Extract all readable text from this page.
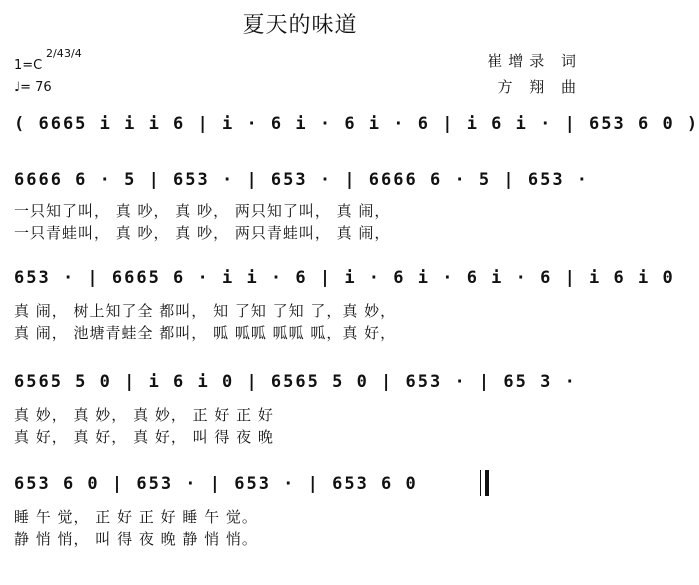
夏天的味道
1=C
2/4 3/4
♩= 76
崔增录 词
方 翔 曲
( 6665 i i i 6 | i · 6 i · 6 i · 6 | i 6 i · | 653 6 0 )
6666 6 · 5 | 653 · | 653 · | 6666 6 · 5 | 653 ·
一只知了叫， 真 吵， 真 吵， 两只知了叫， 真 闹，
一只青蛙叫， 真 吵， 真 吵， 两只青蛙叫， 真 闹，
653 · | 6665 6 · i i · 6 | i · 6 i · 6 i · 6 | i 6 i 0
真 闹， 树上知了全 都叫， 知 了知 了知 了，真 妙，
真 闹， 池塘青蛙全 都叫， 呱 呱呱 呱呱 呱，真 好，
6565 5 0 | i 6 i 0 | 6565 5 0 | 653 · | 65 3 ·
真 妙， 真 妙， 真 妙， 正 好 正 好
真 好， 真 好， 真 好， 叫 得 夜 晚
653 6 0 | 653 · | 653 · | 653 6 0
睡 午 觉， 正 好 正 好 睡 午 觉。
静 悄 悄， 叫 得 夜 晚 静 悄 悄。
